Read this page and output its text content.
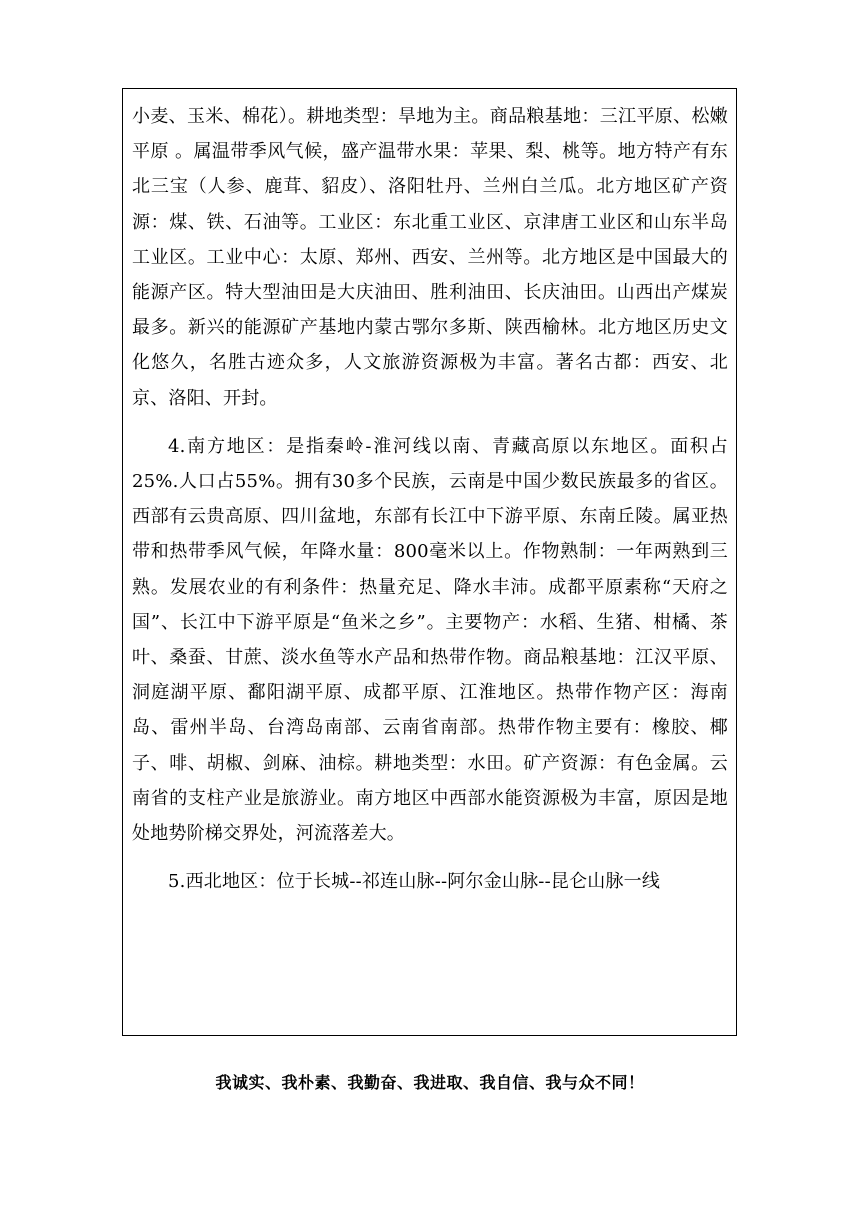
小麦、玉米、棉花）。耕地类型：旱地为主。商品粮基地：三江平原、松嫩平原 。属温带季风气候，盛产温带水果：苹果、梨、桃等。地方特产有东北三宝（人参、鹿茸、貂皮）、洛阳牡丹、兰州白兰瓜。北方地区矿产资源：煤、铁、石油等。工业区：东北重工业区、京津唐工业区和山东半岛工业区。工业中心：太原、郑州、西安、兰州等。北方地区是中国最大的能源产区。特大型油田是大庆油田、胜利油田、长庆油田。山西出产煤炭最多。新兴的能源矿产基地内蒙古鄂尔多斯、陕西榆林。北方地区历史文化悠久，名胜古迹众多，人文旅游资源极为丰富。著名古都：西安、北京、洛阳、开封。

4.南方地区：是指秦岭-淮河线以南、青藏高原以东地区。面积占25%.人口占55%。拥有30多个民族，云南是中国少数民族最多的省区。西部有云贵高原、四川盆地，东部有长江中下游平原、东南丘陵。属亚热带和热带季风气候，年降水量：800毫米以上。作物熟制：一年两熟到三熟。发展农业的有利条件：热量充足、降水丰沛。成都平原素称“天府之国”、长江中下游平原是“鱼米之乡”。主要物产：水稻、生猪、柑橘、茶叶、桑蚕、甘蔗、淡水鱼等水产品和热带作物。商品粮基地：江汉平原、洞庭湖平原、鄱阳湖平原、成都平原、江淮地区。热带作物产区：海南岛、雷州半岛、台湾岛南部、云南省南部。热带作物主要有：橡胶、椰子、啡、胡椒、剑麻、油棕。耕地类型：水田。矿产资源：有色金属。云南省的支柱产业是旅游业。南方地区中西部水能资源极为丰富，原因是地处地势阶梯交界处，河流落差大。

5.西北地区：位于长城--祁连山脉--阿尔金山脉--昆仑山脉一线

我诚实、我朴素、我勤奋、我进取、我自信、我与众不同！
